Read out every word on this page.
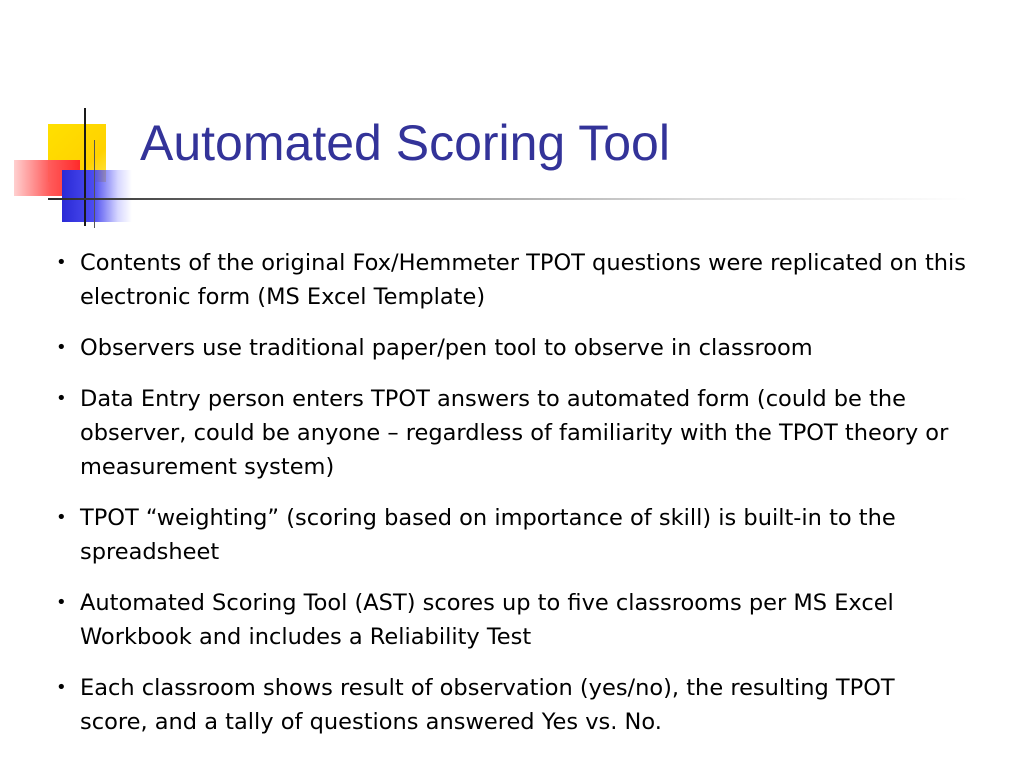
Automated Scoring Tool
• Contents of the original Fox/Hemmeter TPOT questions were replicated on this electronic form (MS Excel Template)
• Observers use traditional paper/pen tool to observe in classroom
• Data Entry person enters TPOT answers to automated form (could be the observer, could be anyone – regardless of familiarity with the TPOT theory or measurement system)
• TPOT “weighting” (scoring based on importance of skill) is built-in to the spreadsheet
• Automated Scoring Tool (AST) scores up to five classrooms per MS Excel Workbook and includes a Reliability Test
• Each classroom shows result of observation (yes/no), the resulting TPOT score, and a tally of questions answered Yes vs. No.
